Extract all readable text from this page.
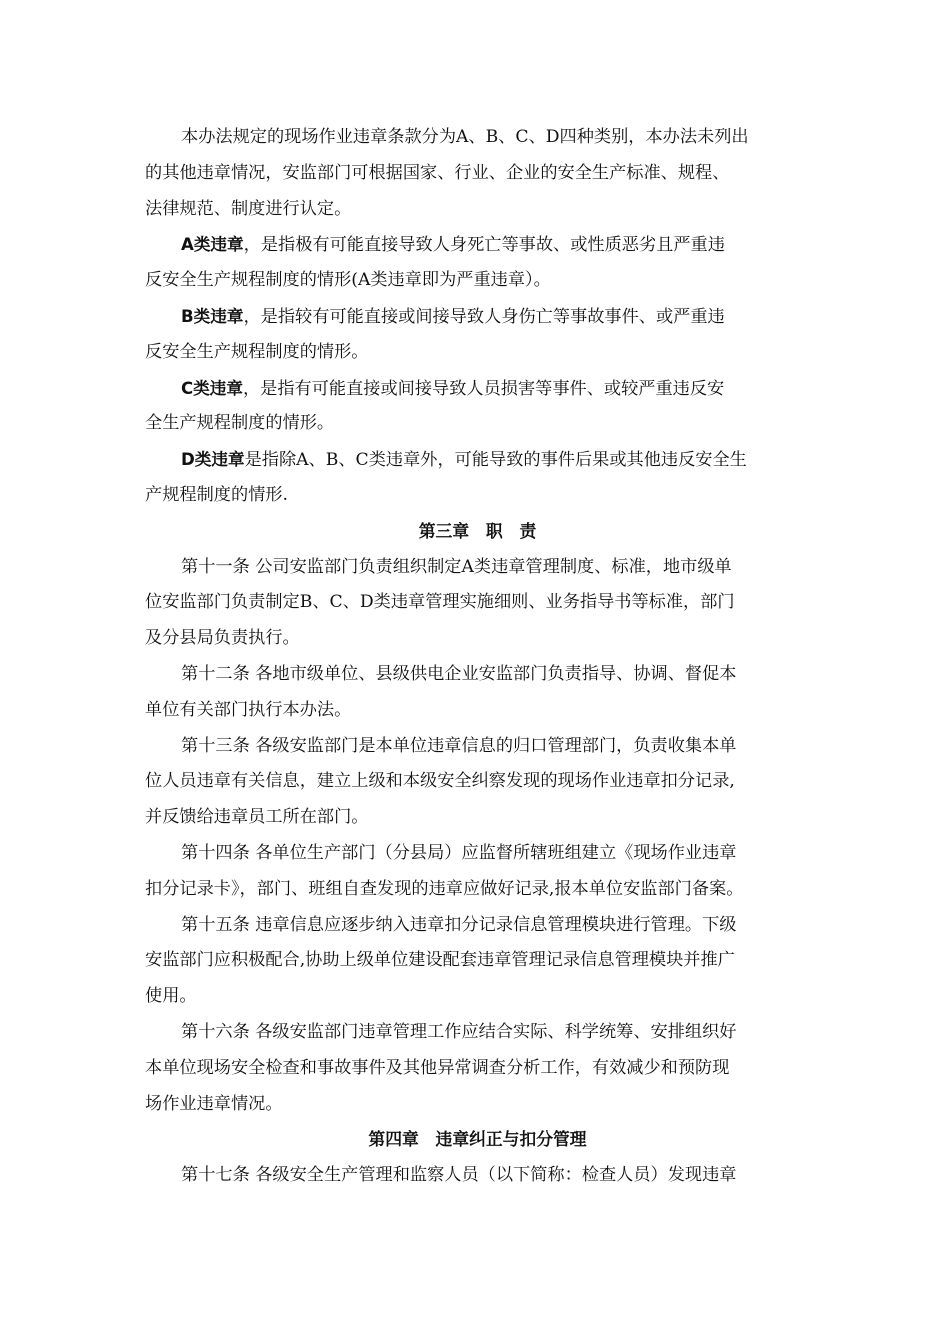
本办法规定的现场作业违章条款分为A、B、C、D四种类别，本办法未列出
的其他违章情况，安监部门可根据国家、行业、企业的安全生产标准、规程、
法律规范、制度进行认定。
A类违章，是指极有可能直接导致人身死亡等事故、或性质恶劣且严重违
反安全生产规程制度的情形(A类违章即为严重违章）。
B类违章，是指较有可能直接或间接导致人身伤亡等事故事件、或严重违
反安全生产规程制度的情形。
C类违章，是指有可能直接或间接导致人员损害等事件、或较严重违反安
全生产规程制度的情形。
D类违章是指除A、B、C类违章外，可能导致的事件后果或其他违反安全生
产规程制度的情形.
第三章　职　责
第十一条 公司安监部门负责组织制定A类违章管理制度、标准，地市级单
位安监部门负责制定B、C、D类违章管理实施细则、业务指导书等标准，部门
及分县局负责执行。
第十二条 各地市级单位、县级供电企业安监部门负责指导、协调、督促本
单位有关部门执行本办法。
第十三条 各级安监部门是本单位违章信息的归口管理部门，负责收集本单
位人员违章有关信息，建立上级和本级安全纠察发现的现场作业违章扣分记录,
并反馈给违章员工所在部门。
第十四条 各单位生产部门（分县局）应监督所辖班组建立《现场作业违章
扣分记录卡》，部门、班组自查发现的违章应做好记录,报本单位安监部门备案。
第十五条 违章信息应逐步纳入违章扣分记录信息管理模块进行管理。下级
安监部门应积极配合,协助上级单位建设配套违章管理记录信息管理模块并推广
使用。
第十六条 各级安监部门违章管理工作应结合实际、科学统筹、安排组织好
本单位现场安全检查和事故事件及其他异常调查分析工作，有效减少和预防现
场作业违章情况。
第四章　违章纠正与扣分管理
第十七条 各级安全生产管理和监察人员（以下简称：检查人员）发现违章
